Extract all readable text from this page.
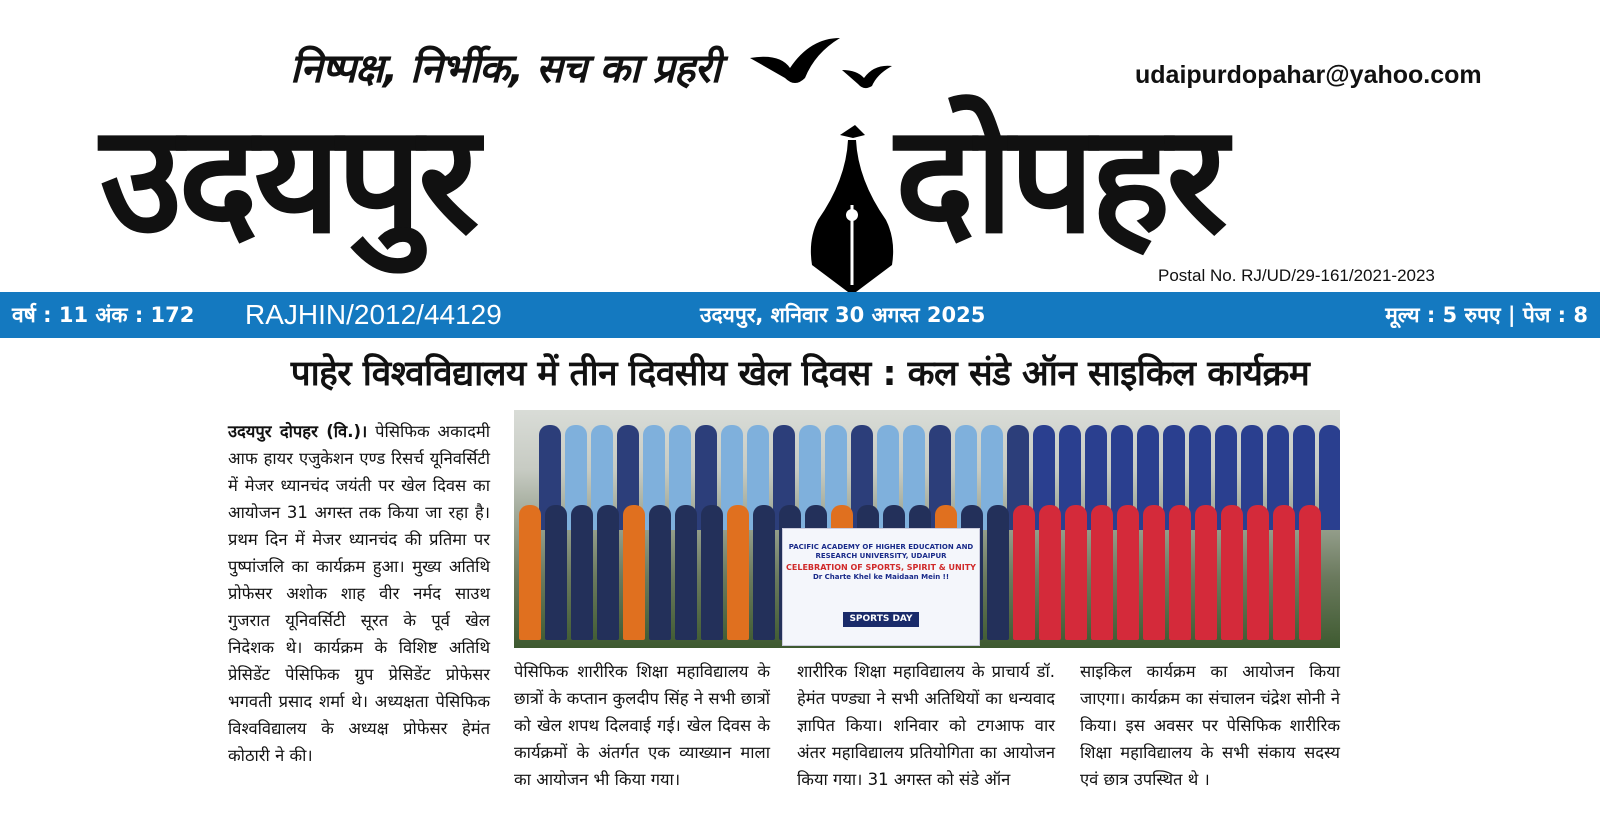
निष्पक्ष, निर्भीक, सच का प्रहरी	udaipurdopahar@yahoo.com
उदयपुर	दोपहर
Postal No. RJ/UD/29-161/2021-2023
वर्ष : 11 अंक : 172 RAJHIN/2012/44129	उदयपुर, शनिवार 30 अगस्त 2025	मूल्य : 5 रुपए | पेज : 8
पाहेर विश्वविद्यालय में तीन दिवसीय खेल दिवस : कल संडे ऑन साइकिल कार्यक्रम
उदयपुर दोपहर (वि.)। पेसिफिक अकादमी आफ हायर एजुकेशन एण्ड रिसर्च यूनिवर्सिटी में मेजर ध्यानचंद जयंती पर खेल दिवस का आयोजन 31 अगस्त तक किया जा रहा है। प्रथम दिन में मेजर ध्यानचंद की प्रतिमा पर पुष्पांजलि का कार्यक्रम हुआ। मुख्य अतिथि प्रोफेसर अशोक शाह वीर नर्मद साउथ गुजरात यूनिवर्सिटी सूरत के पूर्व खेल निदेशक थे। कार्यक्रम के विशिष्ट अतिथि प्रेसिडेंट पेसिफिक ग्रुप प्रेसिडेंट प्रोफेसर भगवती प्रसाद शर्मा थे। अध्यक्षता पेसिफिक विश्वविद्यालय के अध्यक्ष प्रोफेसर हेमंत कोठारी ने की।
PACIFIC ACADEMY OF HIGHER EDUCATION AND RESEARCH UNIVERSITY, UDAIPUR
CELEBRATION OF SPORTS, SPIRIT & UNITY
Dr Charte Khel ke Maidaan Mein !!
SPORTS DAY
पेसिफिक शारीरिक शिक्षा महाविद्यालय के छात्रों के कप्तान कुलदीप सिंह ने सभी छात्रों को खेल शपथ दिलवाई गई। खेल दिवस के कार्यक्रमों के अंतर्गत एक व्याख्यान माला का आयोजन भी किया गया।
शारीरिक शिक्षा महाविद्यालय के प्राचार्य डॉ. हेमंत पण्ड्या ने सभी अतिथियों का धन्यवाद ज्ञापित किया। शनिवार को टगआफ वार अंतर महाविद्यालय प्रतियोगिता का आयोजन किया गया। 31 अगस्त को संडे ऑन
साइकिल कार्यक्रम का आयोजन किया जाएगा। कार्यक्रम का संचालन चंद्रेश सोनी ने किया। इस अवसर पर पेसिफिक शारीरिक शिक्षा महाविद्यालय के सभी संकाय सदस्य एवं छात्र उपस्थित थे ।
